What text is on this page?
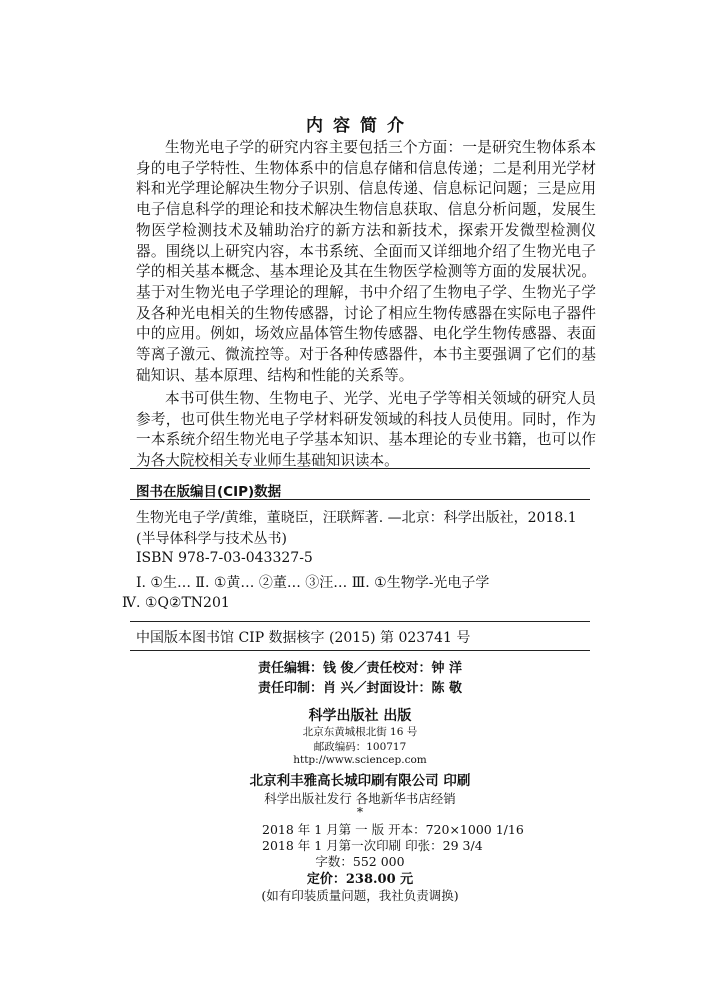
内容简介

生物光电子学的研究内容主要包括三个方面：一是研究生物体系本身的电子学特性、生物体系中的信息存储和信息传递；二是利用光学材料和光学理论解决生物分子识别、信息传递、信息标记问题；三是应用电子信息科学的理论和技术解决生物信息获取、信息分析问题，发展生物医学检测技术及辅助治疗的新方法和新技术，探索开发微型检测仪器。围绕以上研究内容，本书系统、全面而又详细地介绍了生物光电子学的相关基本概念、基本理论及其在生物医学检测等方面的发展状况。基于对生物光电子学理论的理解，书中介绍了生物电子学、生物光子学及各种光电相关的生物传感器，讨论了相应生物传感器在实际电子器件中的应用。例如，场效应晶体管生物传感器、电化学生物传感器、表面等离子激元、微流控等。对于各种传感器件，本书主要强调了它们的基础知识、基本原理、结构和性能的关系等。

本书可供生物、生物电子、光学、光电子学等相关领域的研究人员参考，也可供生物光电子学材料研发领域的科技人员使用。同时，作为一本系统介绍生物光电子学基本知识、基本理论的专业书籍，也可以作为各大院校相关专业师生基础知识读本。

图书在版编目(CIP)数据
生物光电子学/黄维，董晓臣，汪联辉著. —北京：科学出版社，2018.1
(半导体科学与技术丛书)
ISBN 978-7-03-043327-5
Ⅰ. ①生… Ⅱ. ①黄… ②董… ③汪… Ⅲ. ①生物学-光电子学
Ⅳ. ①Q②TN201
中国版本图书馆 CIP 数据核字 (2015) 第 023741 号
责任编辑：钱 俊／责任校对：钟 洋
责任印制：肖 兴／封面设计：陈 敬
科学出版社 出版
北京东黄城根北街 16 号
邮政编码：100717
http://www.sciencep.com
北京利丰雅高长城印刷有限公司 印刷
科学出版社发行 各地新华书店经销
*
2018 年 1 月第 一 版 开本：720×1000 1/16
2018 年 1 月第一次印刷 印张：29 3/4
字数：552 000
定价：238.00 元
(如有印装质量问题，我社负责调换)
